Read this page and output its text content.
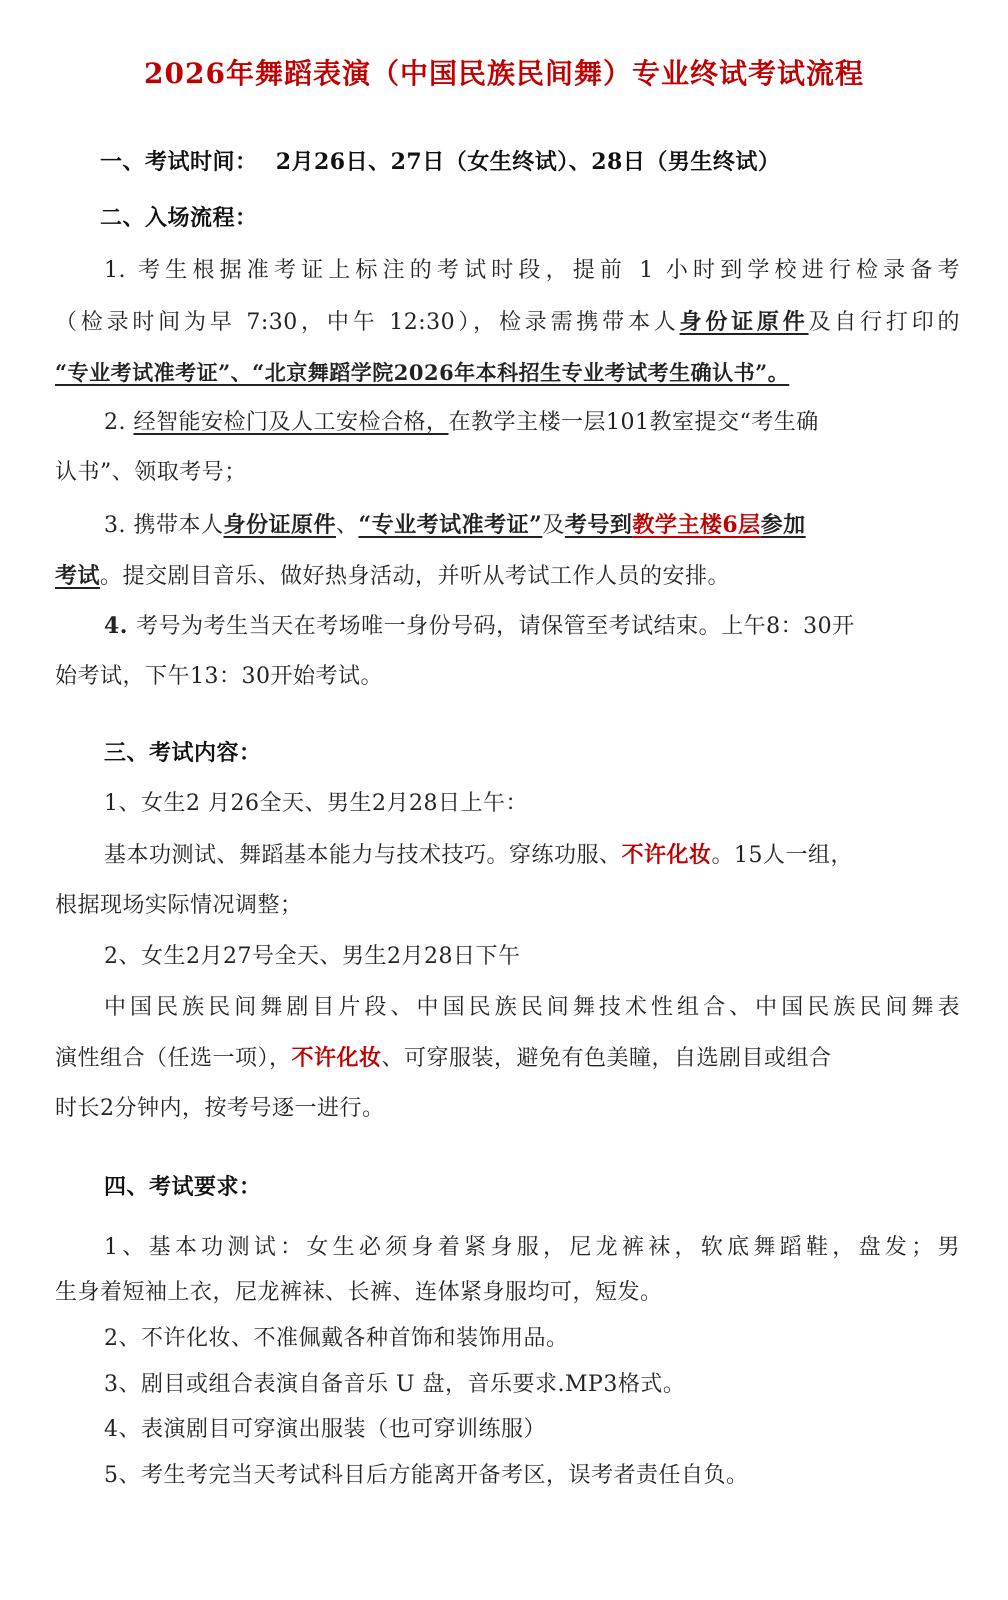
2026年舞蹈表演（中国民族民间舞）专业终试考试流程
一、考试时间： 2月26日、27日（女生终试）、28日（男生终试）
二、入场流程：
1. 考生根据准考证上标注的考试时段，提前 1 小时到学校进行检录备考
（检录时间为早 7:30，中午 12:30），检录需携带本人身份证原件及自行打印的
“专业考试准考证”、“北京舞蹈学院2026年本科招生专业考试考生确认书”。
2. 经智能安检门及人工安检合格，在教学主楼一层101教室提交“考生确
认书”、领取考号；
3. 携带本人身份证原件、“专业考试准考证”及考号到教学主楼6层参加
考试。提交剧目音乐、做好热身活动，并听从考试工作人员的安排。
4. 考号为考生当天在考场唯一身份号码，请保管至考试结束。上午8：30开
始考试，下午13：30开始考试。
三、考试内容：
1、女生2 月26全天、男生2月28日上午：
基本功测试、舞蹈基本能力与技术技巧。穿练功服、不许化妆。15人一组，
根据现场实际情况调整；
2、女生2月27号全天、男生2月28日下午
中国民族民间舞剧目片段、中国民族民间舞技术性组合、中国民族民间舞表
演性组合（任选一项），不许化妆、可穿服装，避免有色美瞳，自选剧目或组合
时长2分钟内，按考号逐一进行。
四、考试要求：
1、基本功测试：女生必须身着紧身服，尼龙裤袜，软底舞蹈鞋，盘发；男
生身着短袖上衣，尼龙裤袜、长裤、连体紧身服均可，短发。
2、不许化妆、不准佩戴各种首饰和装饰用品。
3、剧目或组合表演自备音乐 U 盘，音乐要求.MP3格式。
4、表演剧目可穿演出服装（也可穿训练服）
5、考生考完当天考试科目后方能离开备考区，误考者责任自负。
